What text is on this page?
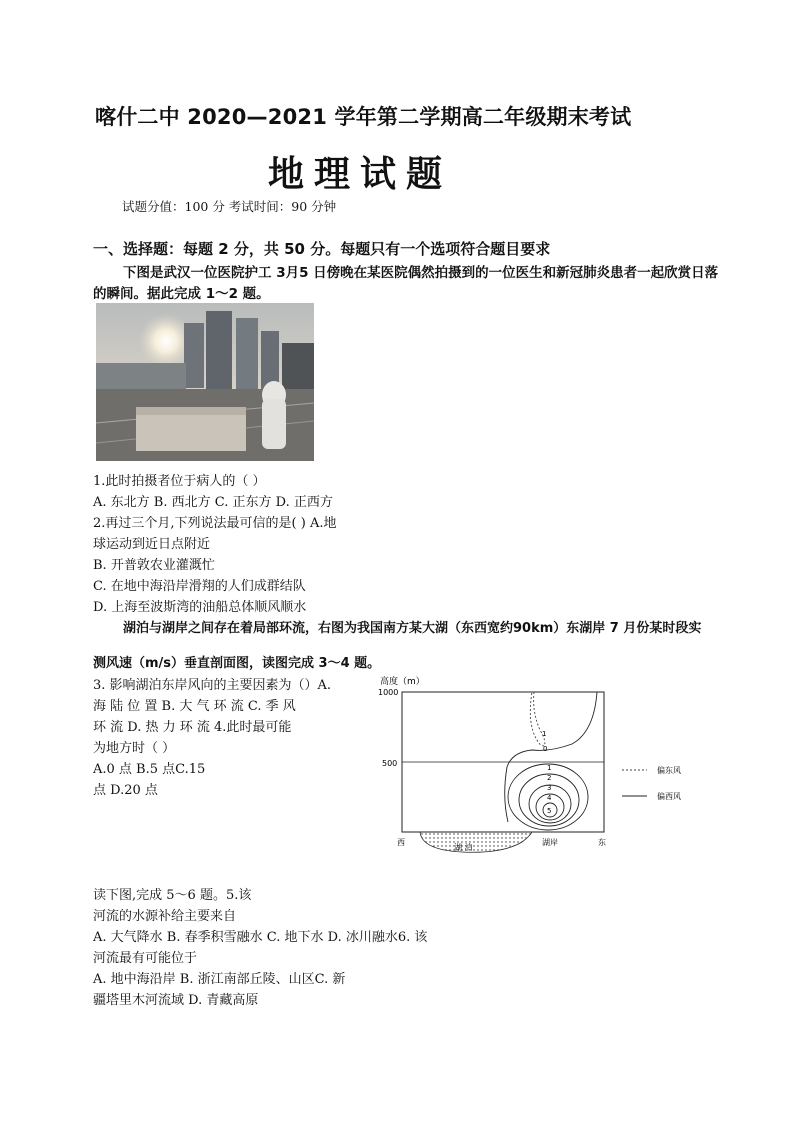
喀什二中 2020—2021 学年第二学期高二年级期末考试
地理试题
试题分值：100 分 考试时间：90 分钟
一、选择题：每题 2 分，共 50 分。每题只有一个选项符合题目要求
下图是武汉一位医院护工 3月5 日傍晚在某医院偶然拍摄到的一位医生和新冠肺炎患者一起欣赏日落
的瞬间。据此完成 1～2 题。
1.此时拍摄者位于病人的（ ）
A. 东北方 B. 西北方 C. 正东方 D. 正西方
2.再过三个月,下列说法最可信的是( ) A.地
球运动到近日点附近
B. 开普敦农业灌溉忙
C. 在地中海沿岸滑翔的人们成群结队
D. 上海至波斯湾的油船总体顺风顺水
湖泊与湖岸之间存在着局部环流，右图为我国南方某大湖（东西宽约90km）东湖岸 7 月份某时段实
测风速（m/s）垂直剖面图，读图完成 3～4 题。
3. 影响湖泊东岸风向的主要因素为（）A.
海 陆 位 置 B. 大 气 环 流 C. 季 风
环 流 D. 热 力 环 流 4.此时最可能
为地方时（ ）
A.0 点 B.5 点C.15
点 D.20 点
高度（m）
1000
500
1
0
1
2
3
4
5
偏东风
偏西风
西
湖 泊
湖岸	东
读下图,完成 5～6 题。5.该
河流的水源补给主要来自
A. 大气降水 B. 春季积雪融水 C. 地下水 D. 冰川融水6. 该
河流最有可能位于
A. 地中海沿岸 B. 浙江南部丘陵、山区C. 新
疆塔里木河流域 D. 青藏高原
